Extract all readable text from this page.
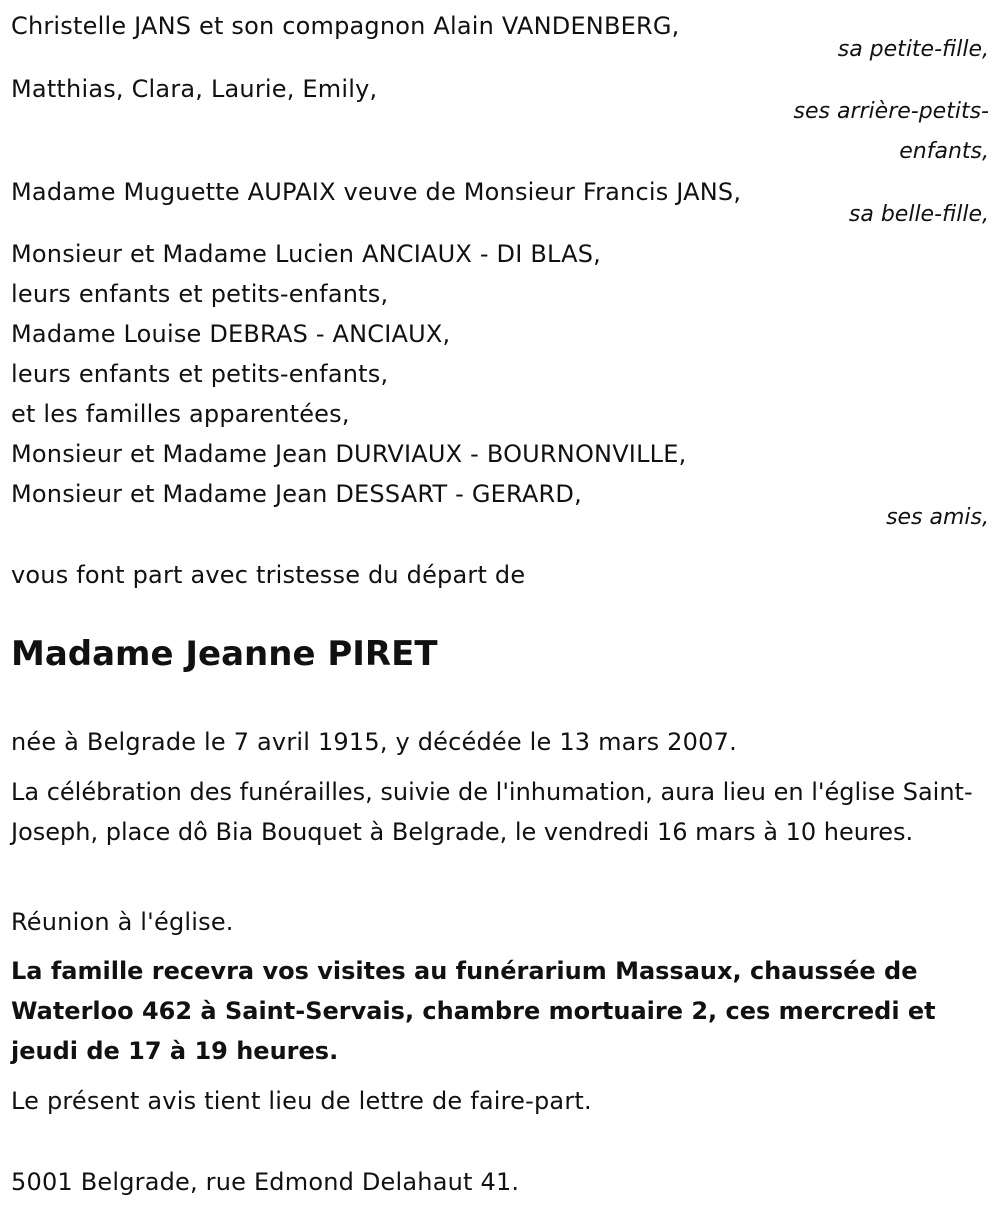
Christelle JANS et son compagnon Alain VANDENBERG,
sa petite-fille,
Matthias, Clara, Laurie, Emily,
ses arrière-petits-
enfants,
Madame Muguette AUPAIX veuve de Monsieur Francis JANS,
sa belle-fille,
Monsieur et Madame Lucien ANCIAUX - DI BLAS,
leurs enfants et petits-enfants,
Madame Louise DEBRAS - ANCIAUX,
leurs enfants et petits-enfants,
et les familles apparentées,
Monsieur et Madame Jean DURVIAUX - BOURNONVILLE,
Monsieur et Madame Jean DESSART - GERARD,
ses amis,
vous font part avec tristesse du départ de
Madame Jeanne PIRET
née à Belgrade le 7 avril 1915, y décédée le 13 mars 2007.
La célébration des funérailles, suivie de l'inhumation, aura lieu en l'église Saint-Joseph, place dô Bia Bouquet à Belgrade, le vendredi 16 mars à 10 heures.
Réunion à l'église.
La famille recevra vos visites au funérarium Massaux, chaussée de Waterloo 462 à Saint-Servais, chambre mortuaire 2, ces mercredi et jeudi de 17 à 19 heures.
Le présent avis tient lieu de lettre de faire-part.
5001 Belgrade, rue Edmond Delahaut 41.
